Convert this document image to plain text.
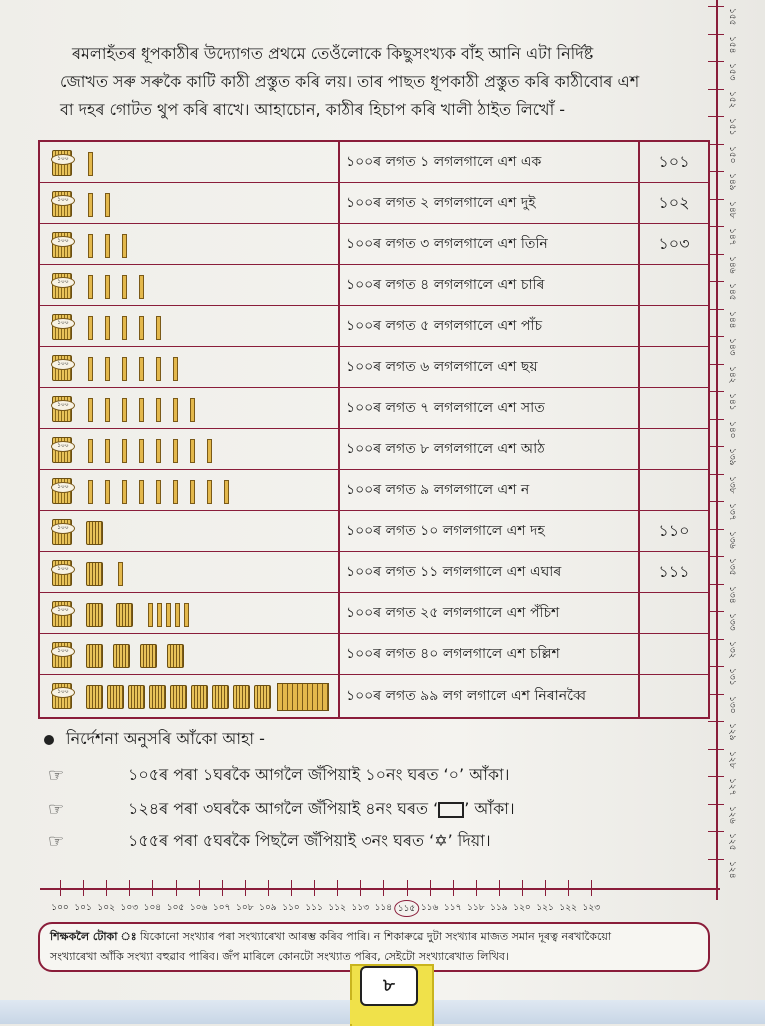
ৰমলাহঁতৰ ধূপকাঠীৰ উদ্যোগত প্ৰথমে তেওঁলোকে কিছুসংখ্যক বাঁহ আনি এটা নিৰ্দিষ্ট
জোখত সৰু সৰুকৈ কাটি কাঠী প্ৰস্তুত কৰি লয়। তাৰ পাছত ধূপকাঠী প্ৰস্তুত কৰি কাঠীবোৰ এশ
বা দহৰ গোটত থুপ কৰি ৰাখে। আহাচোন, কাঠীৰ হিচাপ কৰি খালী ঠাইত লিখোঁ -
১৫৫
১৫৪
১৫৩
১৫২
১৫১
১৫০
১৪৯
১৪৮
১৪৭
১৪৬
১৪৫
১৪৪
১৪৩
১৪২
১৪১
১৪০
১৩৯
১৩৮
১৩৭
১৩৬
১৩৫
১৩৪
১৩৩
১৩২
১৩১
১৩০
১২৯
১২৮
১২৭
১২৬
১২৫
১২৪
১০০	১০০ৰ লগত ১ লগলগালে এশ এক	১০১
১০০	১০০ৰ লগত ২ লগলগালে এশ দুই	১০২
১০০	১০০ৰ লগত ৩ লগলগালে এশ তিনি	১০৩
১০০	১০০ৰ লগত ৪ লগলগালে এশ চাৰি
১০০	১০০ৰ লগত ৫ লগলগালে এশ পাঁচ
১০০	১০০ৰ লগত ৬ লগলগালে এশ ছয়
১০০	১০০ৰ লগত ৭ লগলগালে এশ সাত
১০০	১০০ৰ লগত ৮ লগলগালে এশ আঠ
১০০	১০০ৰ লগত ৯ লগলগালে এশ ন
১০০	১০০ৰ লগত ১০ লগলগালে এশ দহ	১১০
১০০	১০০ৰ লগত ১১ লগলগালে এশ এঘাৰ	১১১
১০০	১০০ৰ লগত ২৫ লগলগালে এশ পঁচিশ
১০০	১০০ৰ লগত ৪০ লগলগালে এশ চল্লিশ
১০০	১০০ৰ লগত ৯৯ লগ লগালে এশ নিৰানব্বৈ
নিৰ্দেশনা অনুসৰি আঁকো আহা -
☞	১০৫ৰ পৰা ১ঘৰকৈ আগলৈ জঁপিয়াই ১০নং ঘৰত ‘০’ আঁকা।
☞	১২৪ৰ পৰা ৩ঘৰকৈ আগলৈ জঁপিয়াই ৪নং ঘৰত ‘ ’ আঁকা।
☞	১৫৫ৰ পৰা ৫ঘৰকৈ পিছলৈ জঁপিয়াই ৩নং ঘৰত ‘✡’ দিয়া।
১০০ ১০১ ১০২ ১০৩ ১০৪ ১০৫ ১০৬ ১০৭ ১০৮ ১০৯ ১১০ ১১১ ১১২ ১১৩ ১১৪ ১১৫ ১১৬ ১১৭ ১১৮ ১১৯ ১২০ ১২১ ১২২ ১২৩

শিক্ষকলৈ টোকা ঃ যিকোনো সংখ্যাৰ পৰা সংখ্যাৰেখা আৰম্ভ কৰিব পাৰি। ন শিকাৰুৱে দুটা সংখ্যাৰ মাজত সমান দূৰত্ব নৰখাকৈয়ো

সংখ্যাৰেখা আঁকি সংখ্যা বহুৱাব পাৰিব। জঁপ মাৰিলে কোনটো সংখ্যাত পৰিব, সেইটো সংখ্যাৰেখাত লিখিব।

৮
